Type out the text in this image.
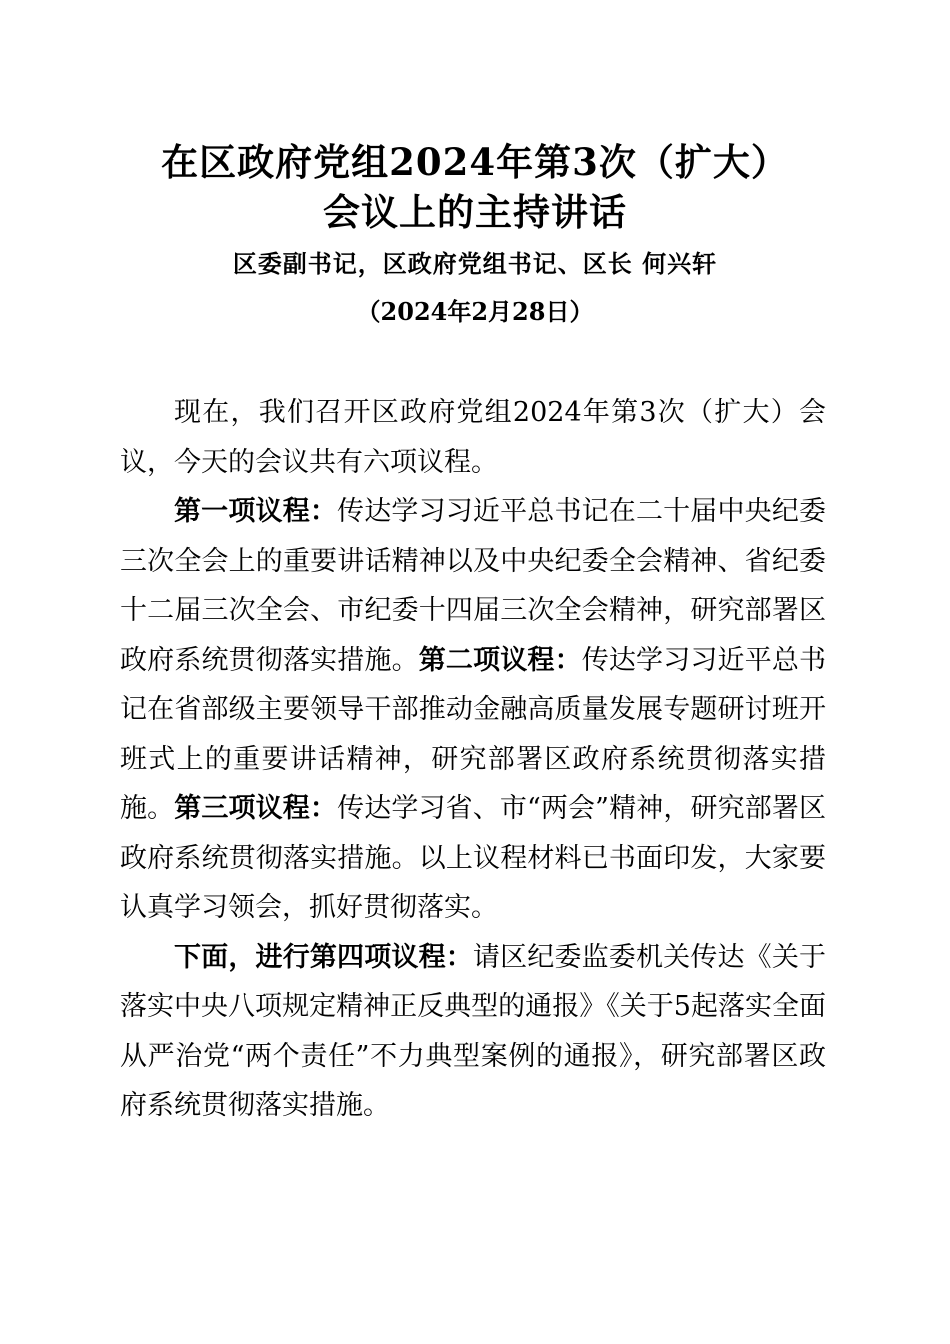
在区政府党组2024年第3次（扩大）
会议上的主持讲话

区委副书记，区政府党组书记、区长 何兴轩

（2024年2月28日）

现在，我们召开区政府党组2024年第3次（扩大）会议，今天的会议共有六项议程。

第一项议程：传达学习习近平总书记在二十届中央纪委三次全会上的重要讲话精神以及中央纪委全会精神、省纪委十二届三次全会、市纪委十四届三次全会精神，研究部署区政府系统贯彻落实措施。第二项议程：传达学习习近平总书记在省部级主要领导干部推动金融高质量发展专题研讨班开班式上的重要讲话精神，研究部署区政府系统贯彻落实措施。第三项议程：传达学习省、市“两会”精神，研究部署区政府系统贯彻落实措施。以上议程材料已书面印发，大家要认真学习领会，抓好贯彻落实。

下面，进行第四项议程：请区纪委监委机关传达《关于落实中央八项规定精神正反典型的通报》《关于5起落实全面从严治党“两个责任”不力典型案例的通报》，研究部署区政府系统贯彻落实措施。
